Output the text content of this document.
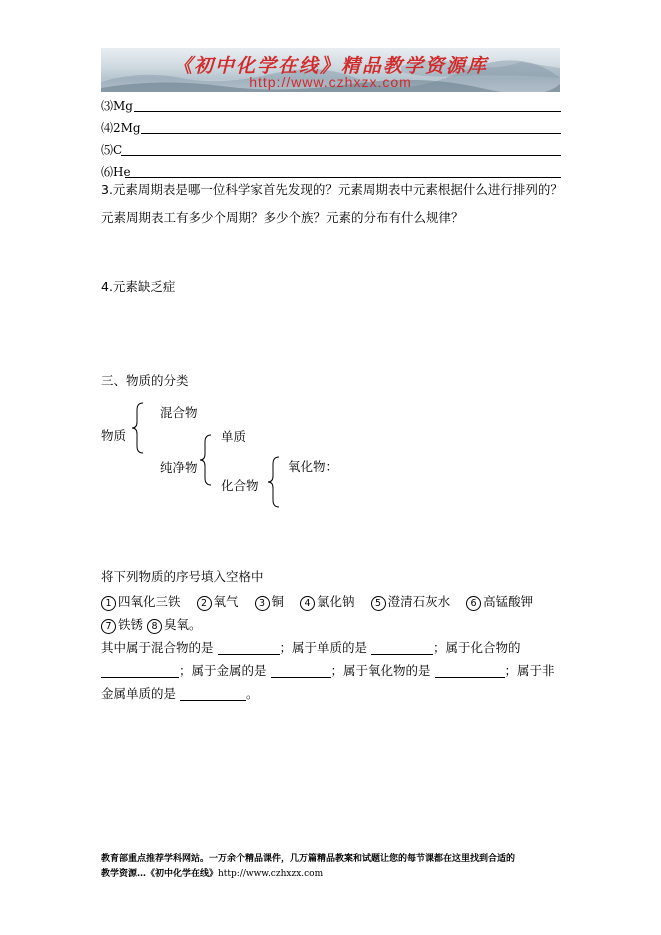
《初中化学在线》精品教学资源库
http://www.czhxzx.com
⑶Mg
⑷2Mg
⑸C
⑹He
3.元素周期表是哪一位科学家首先发现的？元素周期表中元素根据什么进行排列的？元素周期表工有多少个周期？多少个族？元素的分布有什么规律？
4.元素缺乏症
三、物质的分类
物质
混合物
纯净物
单质
化合物
氧化物：
将下列物质的序号填入空格中
1 四氧化三铁 2 氧气 3 铜 4 氯化钠 5 澄清石灰水 6 高锰酸钾7 铁锈 8 臭氧。
其中属于混合物的是	；属于单质的是	；属于化合物的
；属于金属的是	；属于氧化物的是	；属于非金属单质的是	。
教育部重点推荐学科网站。一万余个精品课件，几万篇精品教案和试题让您的每节课都在这里找到合适的
教学资源…《初中化学在线》http://www.czhxzx.com
